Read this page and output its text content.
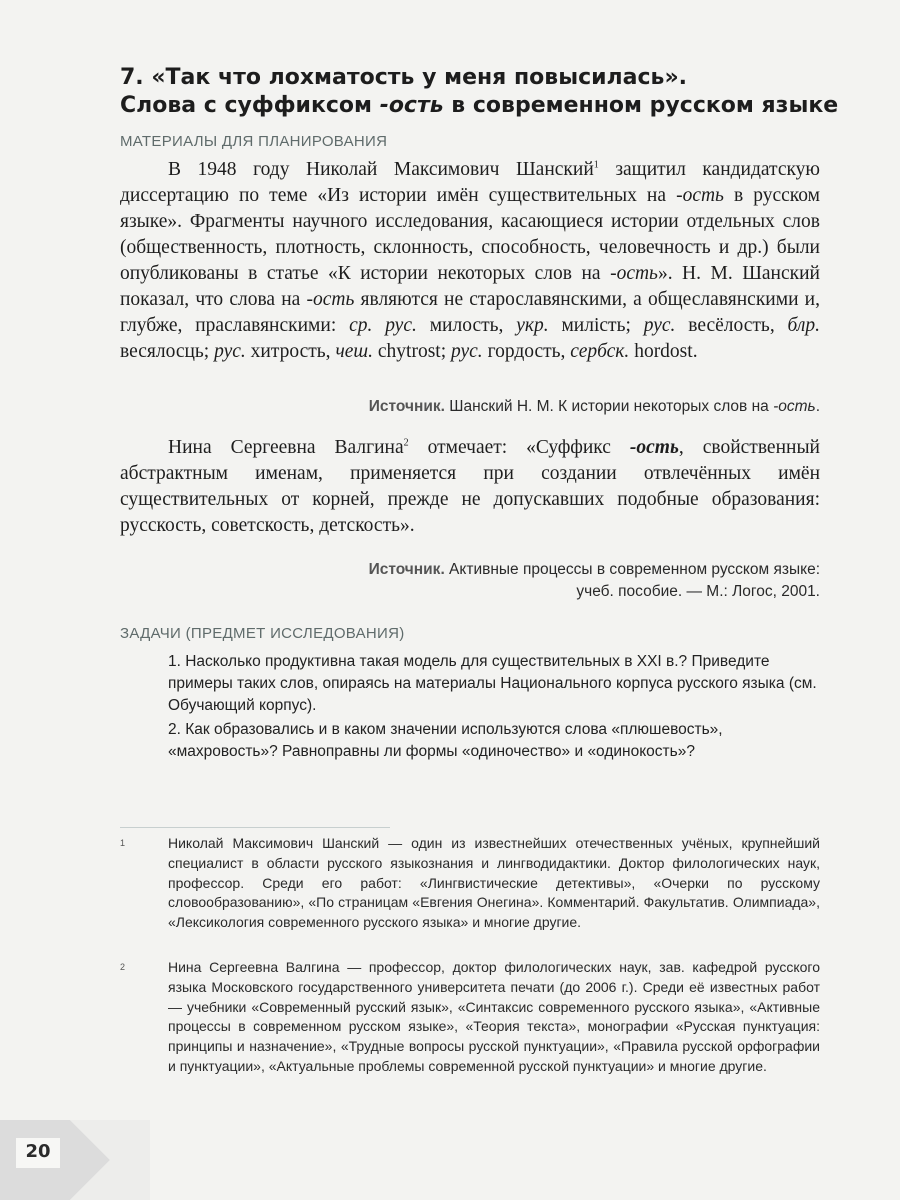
7. «Так что лохматость у меня повысилась».
Слова с суффиксом -ость в современном русском языке
МАТЕРИАЛЫ ДЛЯ ПЛАНИРОВАНИЯ

В 1948 году Николай Максимович Шанский$^1$ защитил кандидатскую диссертацию по теме «Из истории имён существительных на -ость в русском языке». Фрагменты научного исследования, касающиеся истории отдельных слов (общественность, плотность, склонность, способность, человечность и др.) были опубликованы в статье «К истории некоторых слов на -ость». Н. М. Шанский показал, что слова на -ость являются не старославянскими, а общеславянскими и, глубже, праславянскими: ср. рус. милость, укр. милість; рус. весёлость, блр. весялосць; рус. хитрость, чеш. chytrost; рус. гордость, сербск. hordost.

Источник. Шанский Н. М. К истории некоторых слов на -ость.

Нина Сергеевна Валгина$^2$ отмечает: «Суффикс -ость, свойственный абстрактным именам, применяется при создании отвлечённых имён существительных от корней, прежде не допускавших подобные образования: русскость, советскость, детскость».

Источник. Активные процессы в современном русском языке:
учеб. пособие. — М.: Логос, 2001.
ЗАДАЧИ (ПРЕДМЕТ ИССЛЕДОВАНИЯ)

1. Насколько продуктивна такая модель для существительных в XXI в.? Приведите примеры таких слов, опираясь на материалы Национального корпуса русского языка (см. Обучающий корпус).

2. Как образовались и в каком значении используются слова «плюшевость», «махровость»? Равноправны ли формы «одиночество» и «одинокость»?

1	Николай Максимович Шанский — один из известнейших отечественных учёных, крупнейший специалист в области русского языкознания и лингводидактики. Доктор филологических наук, профессор. Среди его работ: «Лингвистические детективы», «Очерки по русскому словообразованию», «По страницам «Евгения Онегина». Комментарий. Факультатив. Олимпиада», «Лексикология современного русского языка» и многие другие.

2	Нина Сергеевна Валгина — профессор, доктор филологических наук, зав. кафедрой русского языка Московского государственного университета печати (до 2006 г.). Среди её известных работ — учебники «Современный русский язык», «Синтаксис современного русского языка», «Активные процессы в современном русском языке», «Теория текста», монографии «Русская пунктуация: принципы и назначение», «Трудные вопросы русской пунктуации», «Правила русской орфографии и пунктуации», «Актуальные проблемы современной русской пунктуации» и многие другие.

20
